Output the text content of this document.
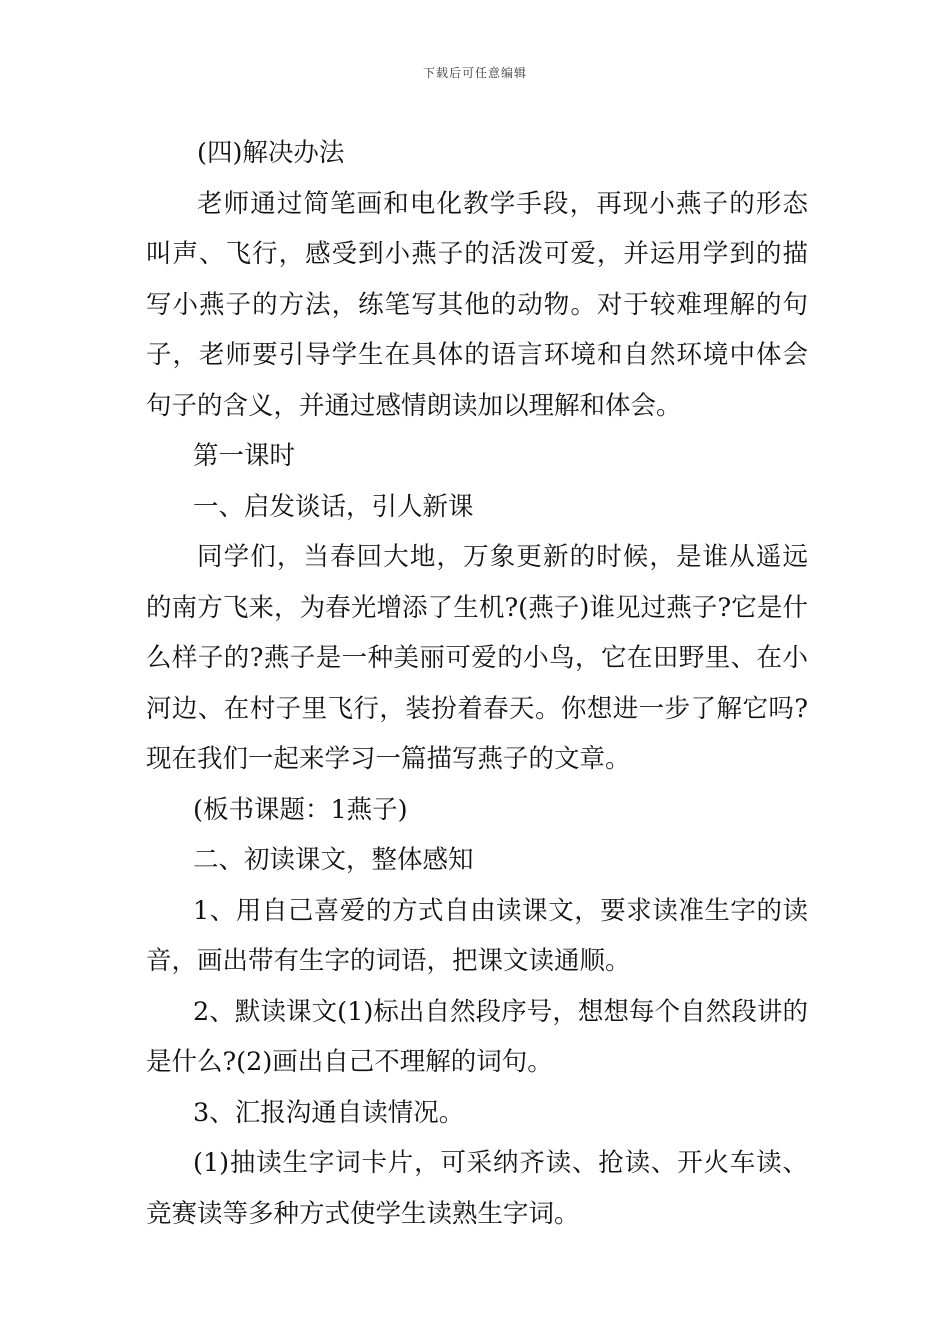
下载后可任意编辑

(四)解决办法

老师通过简笔画和电化教学手段，再现小燕子的形态叫声、飞行，感受到小燕子的活泼可爱，并运用学到的描写小燕子的方法，练笔写其他的动物。对于较难理解的句子，老师要引导学生在具体的语言环境和自然环境中体会句子的含义，并通过感情朗读加以理解和体会。

第一课时

一、启发谈话，引人新课

同学们，当春回大地，万象更新的时候，是谁从遥远的南方飞来，为春光增添了生机?(燕子)谁见过燕子?它是什么样子的?燕子是一种美丽可爱的小鸟，它在田野里、在小河边、在村子里飞行，装扮着春天。你想进一步了解它吗?现在我们一起来学习一篇描写燕子的文章。

(板书课题：1燕子)

二、初读课文，整体感知

1、用自己喜爱的方式自由读课文，要求读准生字的读音，画出带有生字的词语，把课文读通顺。

2、默读课文(1)标出自然段序号，想想每个自然段讲的是什么?(2)画出自己不理解的词句。

3、汇报沟通自读情况。

(1)抽读生字词卡片，可采纳齐读、抢读、开火车读、竞赛读等多种方式使学生读熟生字词。
